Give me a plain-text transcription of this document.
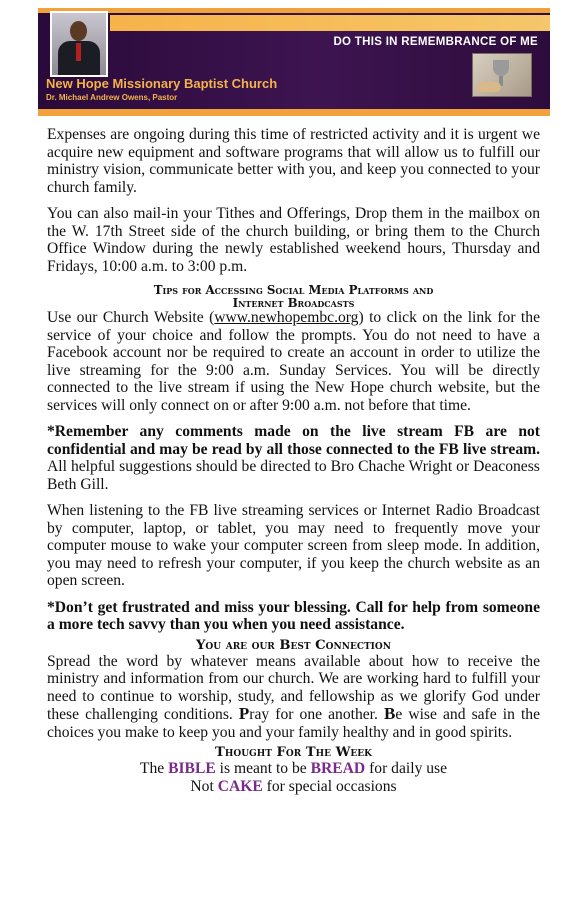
DO THIS IN REMEMBRANCE OF ME
New Hope Missionary Baptist Church
Dr. Michael Andrew Owens, Pastor

Expenses are ongoing during this time of restricted activity and it is urgent we acquire new equipment and software programs that will allow us to fulfill our ministry vision, communicate better with you, and keep you connected to your church family.

You can also mail-in your Tithes and Offerings, Drop them in the mailbox on the W. 17th Street side of the church building, or bring them to the Church Office Window during the newly established weekend hours, Thursday and Fridays, 10:00 a.m. to 3:00 p.m.

Tips for Accessing Social Media Platforms and
Internet Broadcasts

Use our Church Website (www.newhopembc.org) to click on the link for the service of your choice and follow the prompts. You do not need to have a Facebook account nor be required to create an account in order to utilize the live streaming for the 9:00 a.m. Sunday Services. You will be directly connected to the live stream if using the New Hope church website, but the services will only connect on or after 9:00 a.m. not before that time.

*Remember any comments made on the live stream FB are not confidential and may be read by all those connected to the FB live stream. All helpful suggestions should be directed to Bro Chache Wright or Deaconess Beth Gill.

When listening to the FB live streaming services or Internet Radio Broadcast by computer, laptop, or tablet, you may need to frequently move your computer mouse to wake your computer screen from sleep mode. In addition, you may need to refresh your computer, if you keep the church website as an open screen.

*Don’t get frustrated and miss your blessing. Call for help from someone a more tech savvy than you when you need assistance.

You are our Best Connection

Spread the word by whatever means available about how to receive the ministry and information from our church. We are working hard to fulfill your need to continue to worship, study, and fellowship as we glorify God under these challenging conditions. Pray for one another. Be wise and safe in the choices you make to keep you and your family healthy and in good spirits.

Thought For The Week

The BIBLE is meant to be BREAD for daily use

Not CAKE for special occasions
